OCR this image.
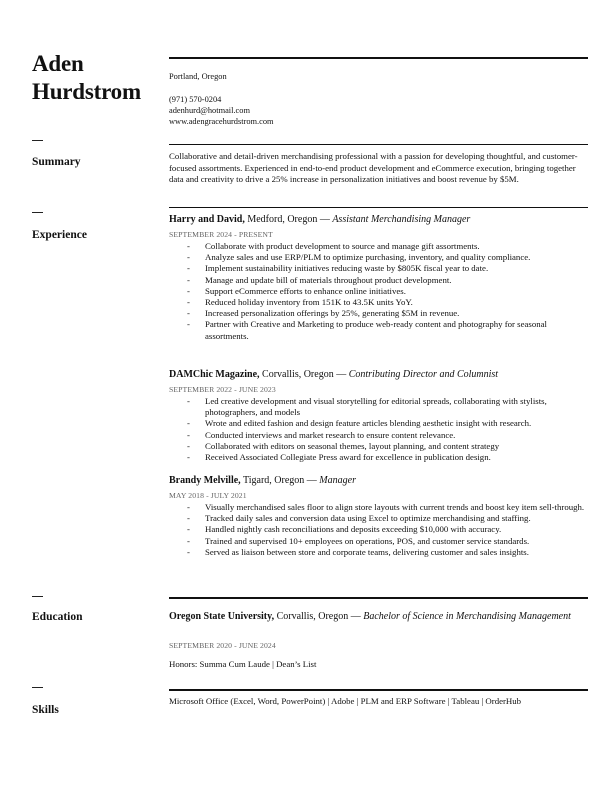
Aden
Hurdstrom
Portland, Oregon
(971) 570-0204
adenhurd@hotmail.com
www.adengracehurdstrom.com
Summary	Collaborative and detail-driven merchandising professional with a passion for developing thoughtful, and customer-focused assortments. Experienced in end-to-end product development and eCommerce execution, bringing together data and creativity to drive a 25% increase in personalization initiatives and boost revenue by $5M.
Experience
Harry and David, Medford, Oregon — Assistant Merchandising Manager
SEPTEMBER 2024 - PRESENT
- Collaborate with product development to source and manage gift assortments.
- Analyze sales and use ERP/PLM to optimize purchasing, inventory, and quality compliance.
- Implement sustainability initiatives reducing waste by $805K fiscal year to date.
- Manage and update bill of materials throughout product development.
- Support eCommerce efforts to enhance online initiatives.
- Reduced holiday inventory from 151K to 43.5K units YoY.
- Increased personalization offerings by 25%, generating $5M in revenue.
- Partner with Creative and Marketing to produce web-ready content and photography for seasonal assortments.
DAMChic Magazine, Corvallis, Oregon — Contributing Director and Columnist
SEPTEMBER 2022 - JUNE 2023
- Led creative development and visual storytelling for editorial spreads, collaborating with stylists, photographers, and models
- Wrote and edited fashion and design feature articles blending aesthetic insight with research.
- Conducted interviews and market research to ensure content relevance.
- Collaborated with editors on seasonal themes, layout planning, and content strategy
- Received Associated Collegiate Press award for excellence in publication design.
Brandy Melville, Tigard, Oregon — Manager
MAY 2018 - JULY 2021
- Visually merchandised sales floor to align store layouts with current trends and boost key item sell-through.
- Tracked daily sales and conversion data using Excel to optimize merchandising and staffing.
- Handled nightly cash reconciliations and deposits exceeding $10,000 with accuracy.
- Trained and supervised 10+ employees on operations, POS, and customer service standards.
- Served as liaison between store and corporate teams, delivering customer and sales insights.
Education	Oregon State University, Corvallis, Oregon — Bachelor of Science in Merchandising Management
SEPTEMBER 2020 - JUNE 2024
Honors: Summa Cum Laude | Dean’s List
Skills
Microsoft Office (Excel, Word, PowerPoint) | Adobe | PLM and ERP Software | Tableau | OrderHub
